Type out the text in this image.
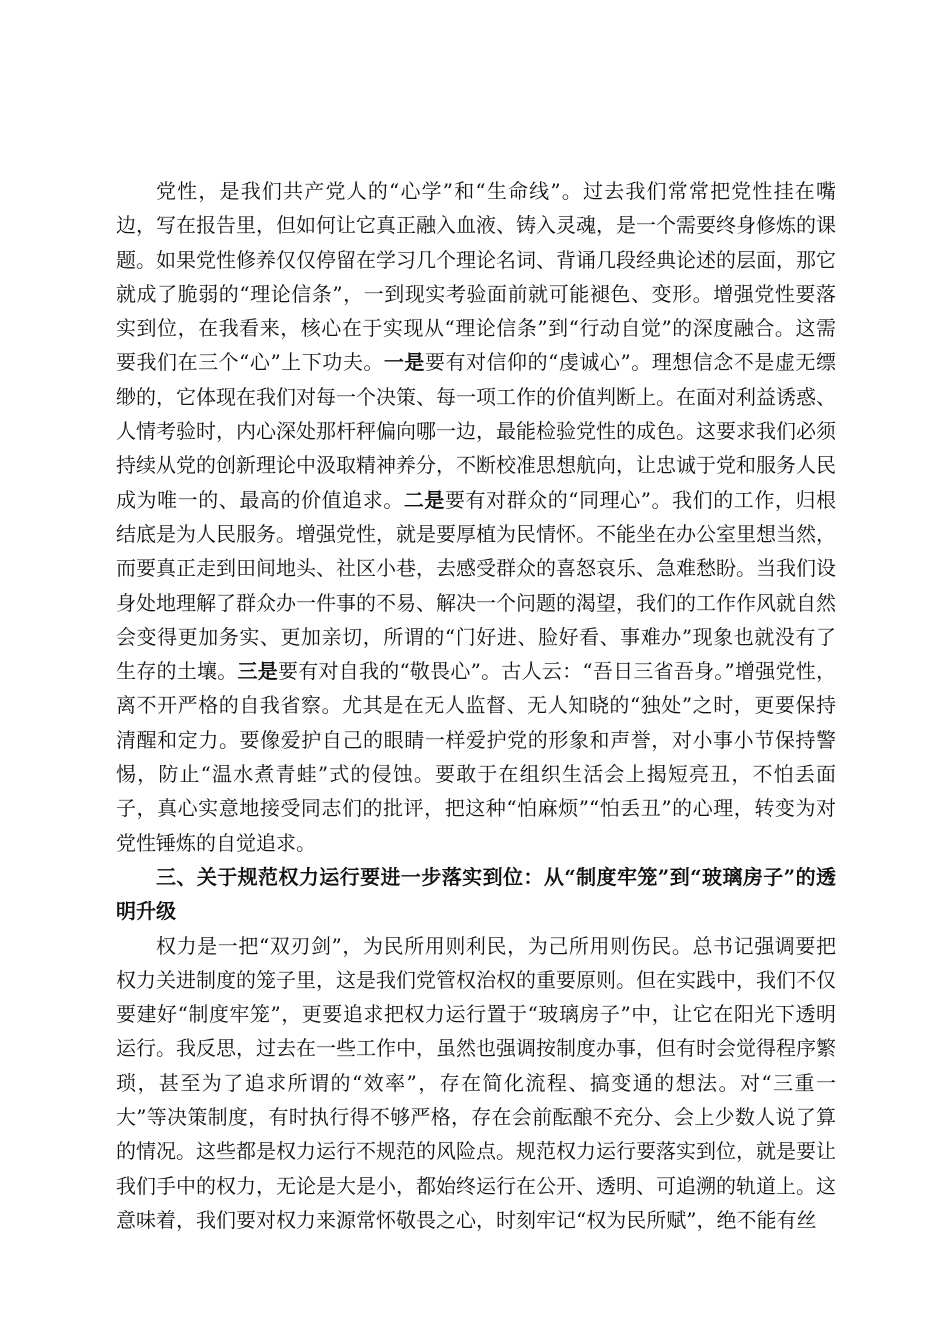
党性，是我们共产党人的“心学”和“生命线”。过去我们常常把党性挂在嘴边，写在报告里，但如何让它真正融入血液、铸入灵魂，是一个需要终身修炼的课题。如果党性修养仅仅停留在学习几个理论名词、背诵几段经典论述的层面，那它就成了脆弱的“理论信条”，一到现实考验面前就可能褪色、变形。增强党性要落实到位，在我看来，核心在于实现从“理论信条”到“行动自觉”的深度融合。这需要我们在三个“心”上下功夫。一是要有对信仰的“虔诚心”。理想信念不是虚无缥缈的，它体现在我们对每一个决策、每一项工作的价值判断上。在面对利益诱惑、人情考验时，内心深处那杆秤偏向哪一边，最能检验党性的成色。这要求我们必须持续从党的创新理论中汲取精神养分，不断校准思想航向，让忠诚于党和服务人民成为唯一的、最高的价值追求。二是要有对群众的“同理心”。我们的工作，归根结底是为人民服务。增强党性，就是要厚植为民情怀。不能坐在办公室里想当然，而要真正走到田间地头、社区小巷，去感受群众的喜怒哀乐、急难愁盼。当我们设身处地理解了群众办一件事的不易、解决一个问题的渴望，我们的工作作风就自然会变得更加务实、更加亲切，所谓的“门好进、脸好看、事难办”现象也就没有了生存的土壤。三是要有对自我的“敬畏心”。古人云：“吾日三省吾身。”增强党性，离不开严格的自我省察。尤其是在无人监督、无人知晓的“独处”之时，更要保持清醒和定力。要像爱护自己的眼睛一样爱护党的形象和声誉，对小事小节保持警惕，防止“温水煮青蛙”式的侵蚀。要敢于在组织生活会上揭短亮丑，不怕丢面子，真心实意地接受同志们的批评，把这种“怕麻烦”“怕丢丑”的心理，转变为对党性锤炼的自觉追求。

三、关于规范权力运行要进一步落实到位：从“制度牢笼”到“玻璃房子”的透明升级

权力是一把“双刃剑”，为民所用则利民，为己所用则伤民。总书记强调要把权力关进制度的笼子里，这是我们党管权治权的重要原则。但在实践中，我们不仅要建好“制度牢笼”，更要追求把权力运行置于“玻璃房子”中，让它在阳光下透明运行。我反思，过去在一些工作中，虽然也强调按制度办事，但有时会觉得程序繁琐，甚至为了追求所谓的“效率”，存在简化流程、搞变通的想法。对“三重一大”等决策制度，有时执行得不够严格，存在会前酝酿不充分、会上少数人说了算的情况。这些都是权力运行不规范的风险点。规范权力运行要落实到位，就是要让我们手中的权力，无论是大是小，都始终运行在公开、透明、可追溯的轨道上。这意味着，我们要对权力来源常怀敬畏之心，时刻牢记“权为民所赋”，绝不能有丝
